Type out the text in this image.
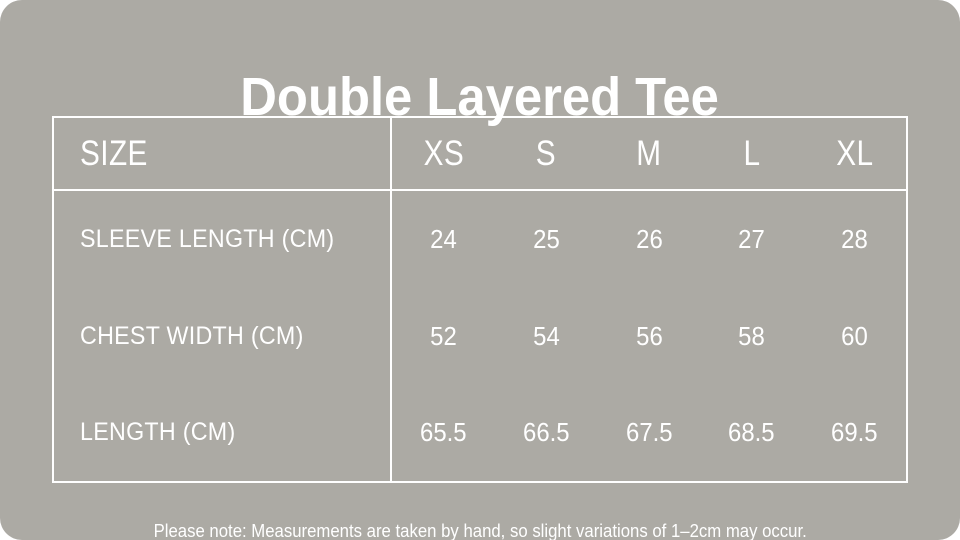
Double Layered Tee
SIZE	XS S M L XL
SLEEVE LENGTH (CM)	24	25	26	27	28
CHEST WIDTH (CM)	52	54	56	58	60
LENGTH (CM)	65.5 66.5 67.5 68.5 69.5

Please note: Measurements are taken by hand, so slight variations of 1–2cm may occur.
